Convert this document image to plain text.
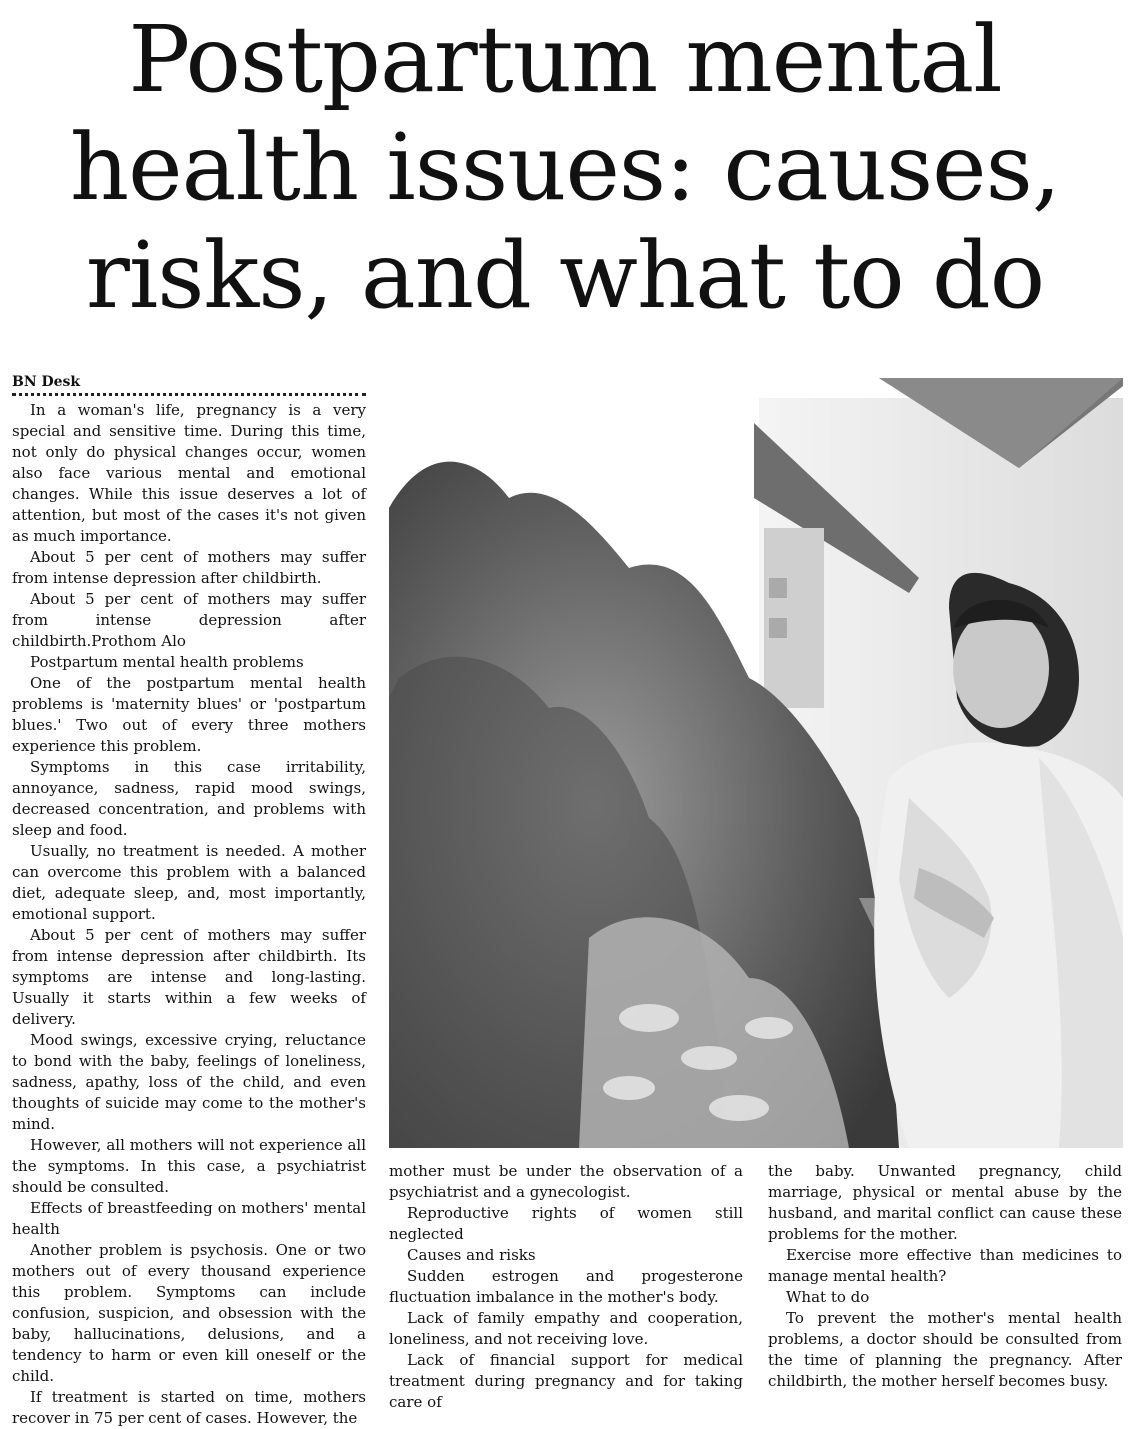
Postpartum mental
health issues: causes,
risks, and what to do
BN Desk

In a woman's life, pregnancy is a very special and sensitive time. During this time, not only do physical changes occur, women also face various mental and emotional changes. While this issue deserves a lot of attention, but most of the cases it's not given as much importance.

About 5 per cent of mothers may suffer from intense depression after childbirth.

About 5 per cent of mothers may suffer from intense depression after childbirth.Prothom Alo

Postpartum mental health problems

One of the postpartum mental health problems is 'maternity blues' or 'postpartum blues.' Two out of every three mothers experience this problem.

Symptoms in this case irritability, annoyance, sadness, rapid mood swings, decreased concentration, and problems with sleep and food.

Usually, no treatment is needed. A mother can overcome this problem with a balanced diet, adequate sleep, and, most importantly, emotional support.

About 5 per cent of mothers may suffer from intense depression after childbirth. Its symptoms are intense and long-lasting. Usually it starts within a few weeks of delivery.

Mood swings, excessive crying, reluctance to bond with the baby, feelings of loneliness, sadness, apathy, loss of the child, and even thoughts of suicide may come to the mother's mind.

However, all mothers will not experience all the symptoms. In this case, a psychiatrist should be consulted.

Effects of breastfeeding on mothers' mental health

Another problem is psychosis. One or two mothers out of every thousand experience this problem. Symptoms can include confusion, suspicion, and obsession with the baby, hallucinations, delusions, and a tendency to harm or even kill oneself or the child.

If treatment is started on time, mothers recover in 75 per cent of cases. However, the

mother must be under the observation of a psychiatrist and a gynecologist.

Reproductive rights of women still neglected

Causes and risks

Sudden estrogen and progesterone fluctuation imbalance in the mother's body.

Lack of family empathy and cooperation, loneliness, and not receiving love.

Lack of financial support for medical treatment during pregnancy and for taking care of

the baby. Unwanted pregnancy, child marriage, physical or mental abuse by the husband, and marital conflict can cause these problems for the mother.

Exercise more effective than medicines to manage mental health?

What to do

To prevent the mother's mental health problems, a doctor should be consulted from the time of planning the pregnancy. After childbirth, the mother herself becomes busy.
